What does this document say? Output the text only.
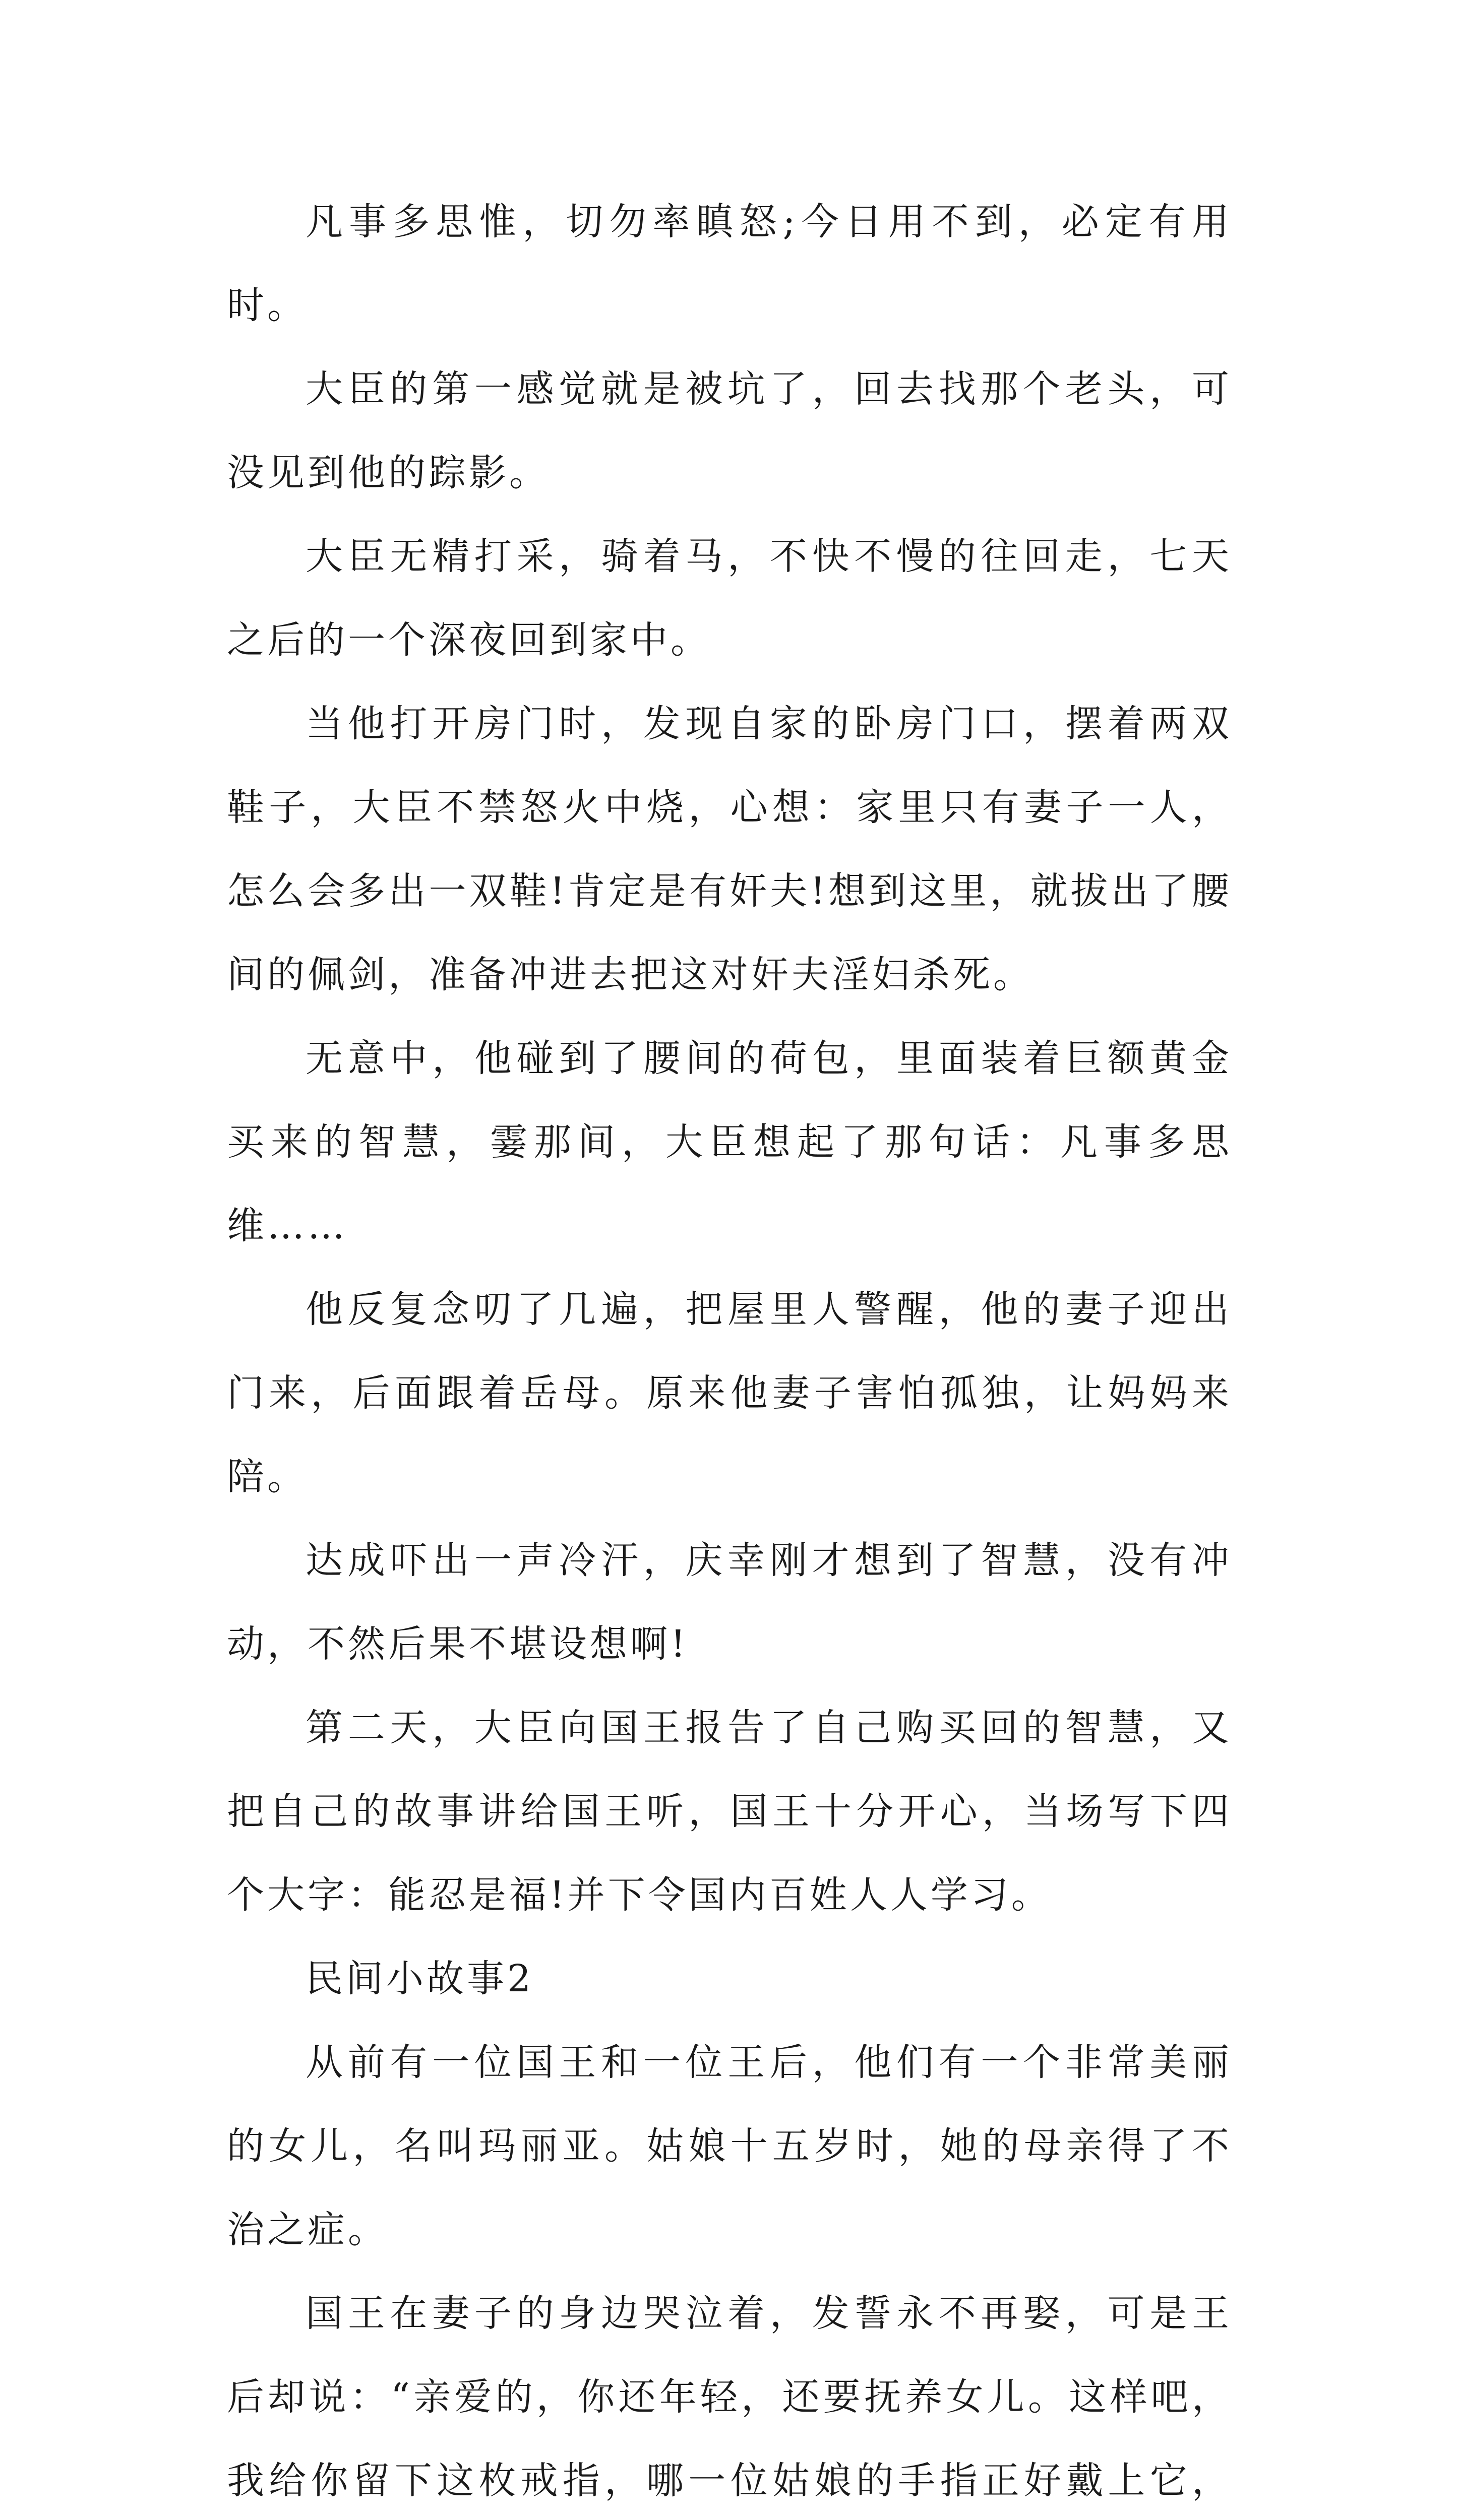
凡事多思惟，切勿率瞋怒;今日用不到，必定有用时。

大臣的第一感觉就是被坑了，回去找那个老头，可没见到他的踪影。

大臣无精打采，骑着马，不快不慢的往回走，七天之后的一个深夜回到家中。

当他打开房门时，发现自家的卧房门口，摆着两双鞋子，大臣不禁怒火中烧，心想：家里只有妻子一人，怎么会多出一双鞋!肯定是有奸夫!想到这里，就拔出了腰间的佩剑，准备冲进去把这对奸夫淫妇杀死。

无意中，他碰到了腰间的荷包，里面装着巨额黄金买来的智慧，霎那间，大臣想起了那句话：凡事多思维……

他反复念叨了几遍，把屋里人警醒，他的妻子迎出门来，后面跟着岳母。原来他妻子害怕孤独，让妈妈来陪。

达成吓出一声冷汗，庆幸刚才想到了智慧，没有冲动，不然后果不堪设想啊!

第二天，大臣向国王报告了自己购买回的智慧，又把自己的故事讲给国王听，国王十分开心，当场写下四个大字：能忍是福!并下令国内百姓人人学习。

民间小故事2

从前有一位国王和一位王后，他们有一个非常美丽的女儿，名叫玛丽亚。姑娘十五岁时，她的母亲得了不治之症。

国王在妻子的身边哭泣着，发誓永不再娶，可是王后却说：“亲爱的，你还年轻，还要抚养女儿。这样吧，我给你留下这枚戒指，哪一位姑娘的手指正好戴上它，
